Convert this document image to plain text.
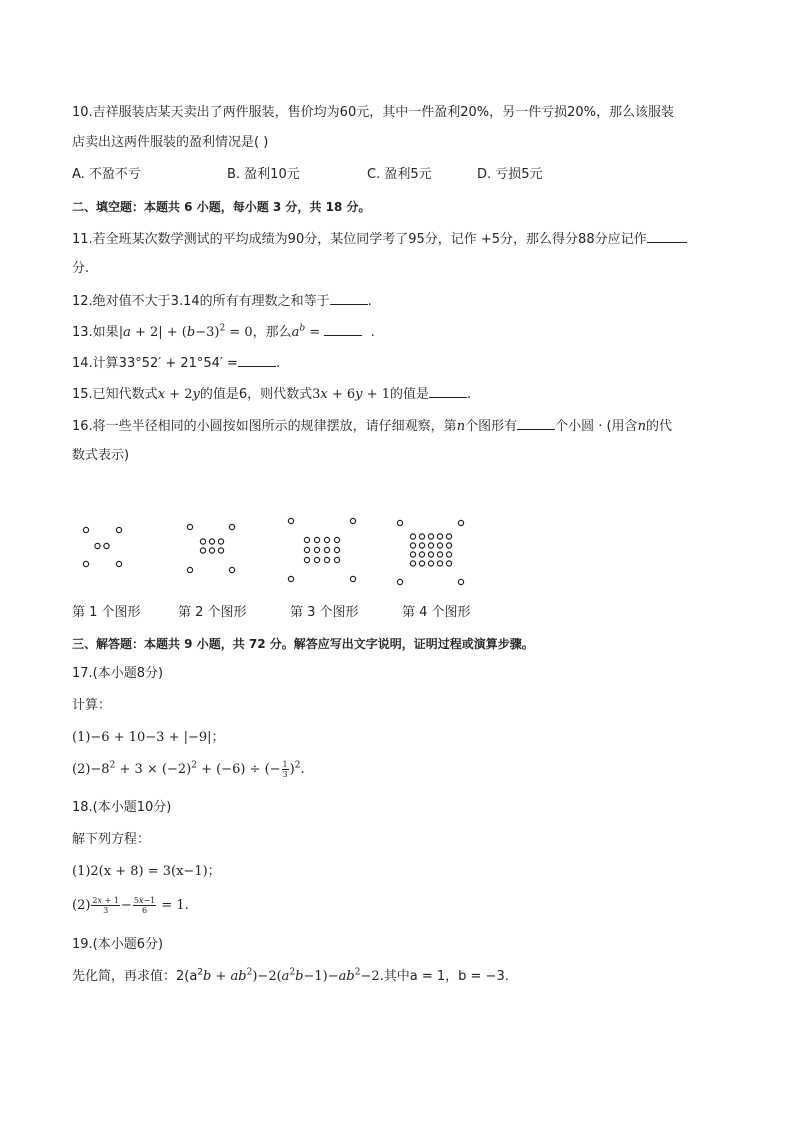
10.吉祥服装店某天卖出了两件服装，售价均为60元，其中一件盈利20%，另一件亏损20%，那么该服装
店卖出这两件服装的盈利情况是( )
A. 不盈不亏	B. 盈利10元	C. 盈利5元	D. 亏损5元
二、填空题：本题共 6 小题，每小题 3 分，共 18 分。
11.若全班某次数学测试的平均成绩为90分，某位同学考了95分，记作 +5分，那么得分88分应记作
分.
12.绝对值不大于3.14的所有有理数之和等于	.
13.如果$|a + 2| + (b-3)^2 = 0$，那么$a^b$ =	.
14.计算33°52′ + 21°54′ =	.
15.已知代数式x + 2y的值是6，则代数式3x + 6y + 1的值是	.
16.将一些半径相同的小圆按如图所示的规律摆放，请仔细观察，第n个图形有	个小圆 · (用含n的代
数式表示)
第 1 个图形	第 2 个图形	第 3 个图形	第 4 个图形
三、解答题：本题共 9 小题，共 72 分。解答应写出文字说明，证明过程或演算步骤。
17.(本小题8分)
计算：
(1)−6 + 10−3 + |−9|；
$(2)-8^2 + 3 \times (-2)^2 + (-6)$ ÷ (− $\frac{1}{3} )^2$.
18.(本小题10分)
解下列方程：
(1)2(x + 8) = 3(x−1)；
$(2) \frac{2x + 1}{3} - \frac{5x-1}{6} = 1$.
19.(本小题6分)
先化简，再求值：$2(a^2b + ab^2)-2(a^2b-1)-ab^2-2$.其中a = 1，b = −3.
